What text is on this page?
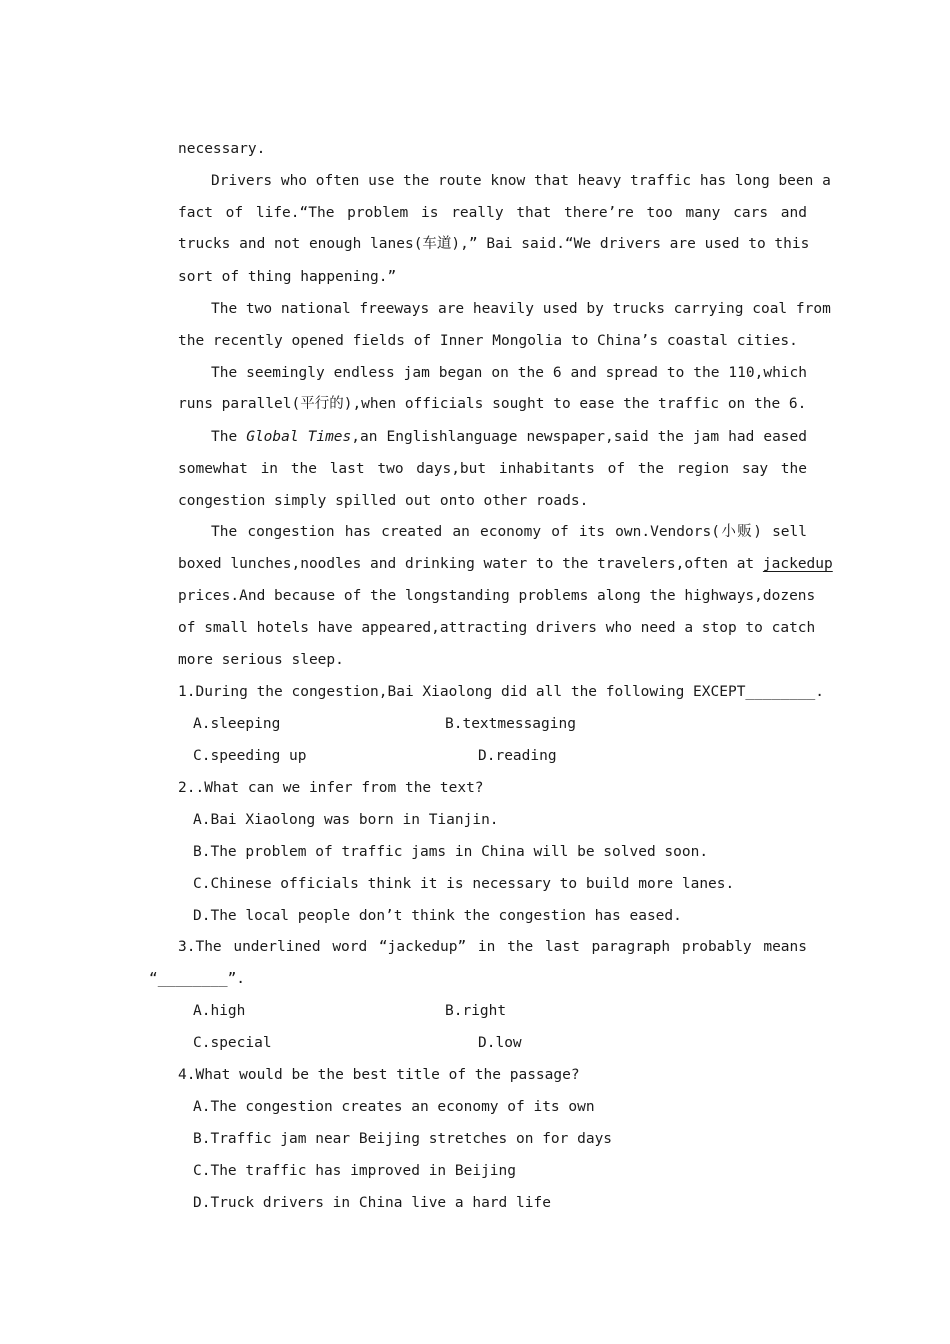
necessary.
Drivers who often use the route know that heavy traffic has long been a
fact of life.“The problem is really that there’re too many cars and
trucks and not enough lanes(车道),” Bai said.“We drivers are used to this
sort of thing happening.”
The two national freeways are heavily used by trucks carrying coal from
the recently opened fields of Inner Mongolia to China’s coastal cities.
The seemingly endless jam began on the 6 and spread to the 110,which
runs parallel(平行的),when officials sought to ease the traffic on the 6.
The Global Times,an Englishlanguage newspaper,said the jam had eased
somewhat in the last two days,but inhabitants of the region say the
congestion simply spilled out onto other roads.
The congestion has created an economy of its own.Vendors(小贩) sell
boxed lunches,noodles and drinking water to the travelers,often at jackedup
prices.And because of the longstanding problems along the highways,dozens
of small hotels have appeared,attracting drivers who need a stop to catch
more serious sleep.
1.During the congestion,Bai Xiaolong did all the following EXCEPT________.
A.sleeping	B.textmessaging
C.speeding up	D.reading
2..What can we infer from the text?
A.Bai Xiaolong was born in Tianjin.
B.The problem of traffic jams in China will be solved soon.
C.Chinese officials think it is necessary to build more lanes.
D.The local people don’t think the congestion has eased.
3.The underlined word “jackedup” in the last paragraph probably means
“________”.
A.high	B.right
C.special	D.low
4.What would be the best title of the passage?
A.The congestion creates an economy of its own
B.Traffic jam near Beijing stretches on for days
C.The traffic has improved in Beijing
D.Truck drivers in China live a hard life
